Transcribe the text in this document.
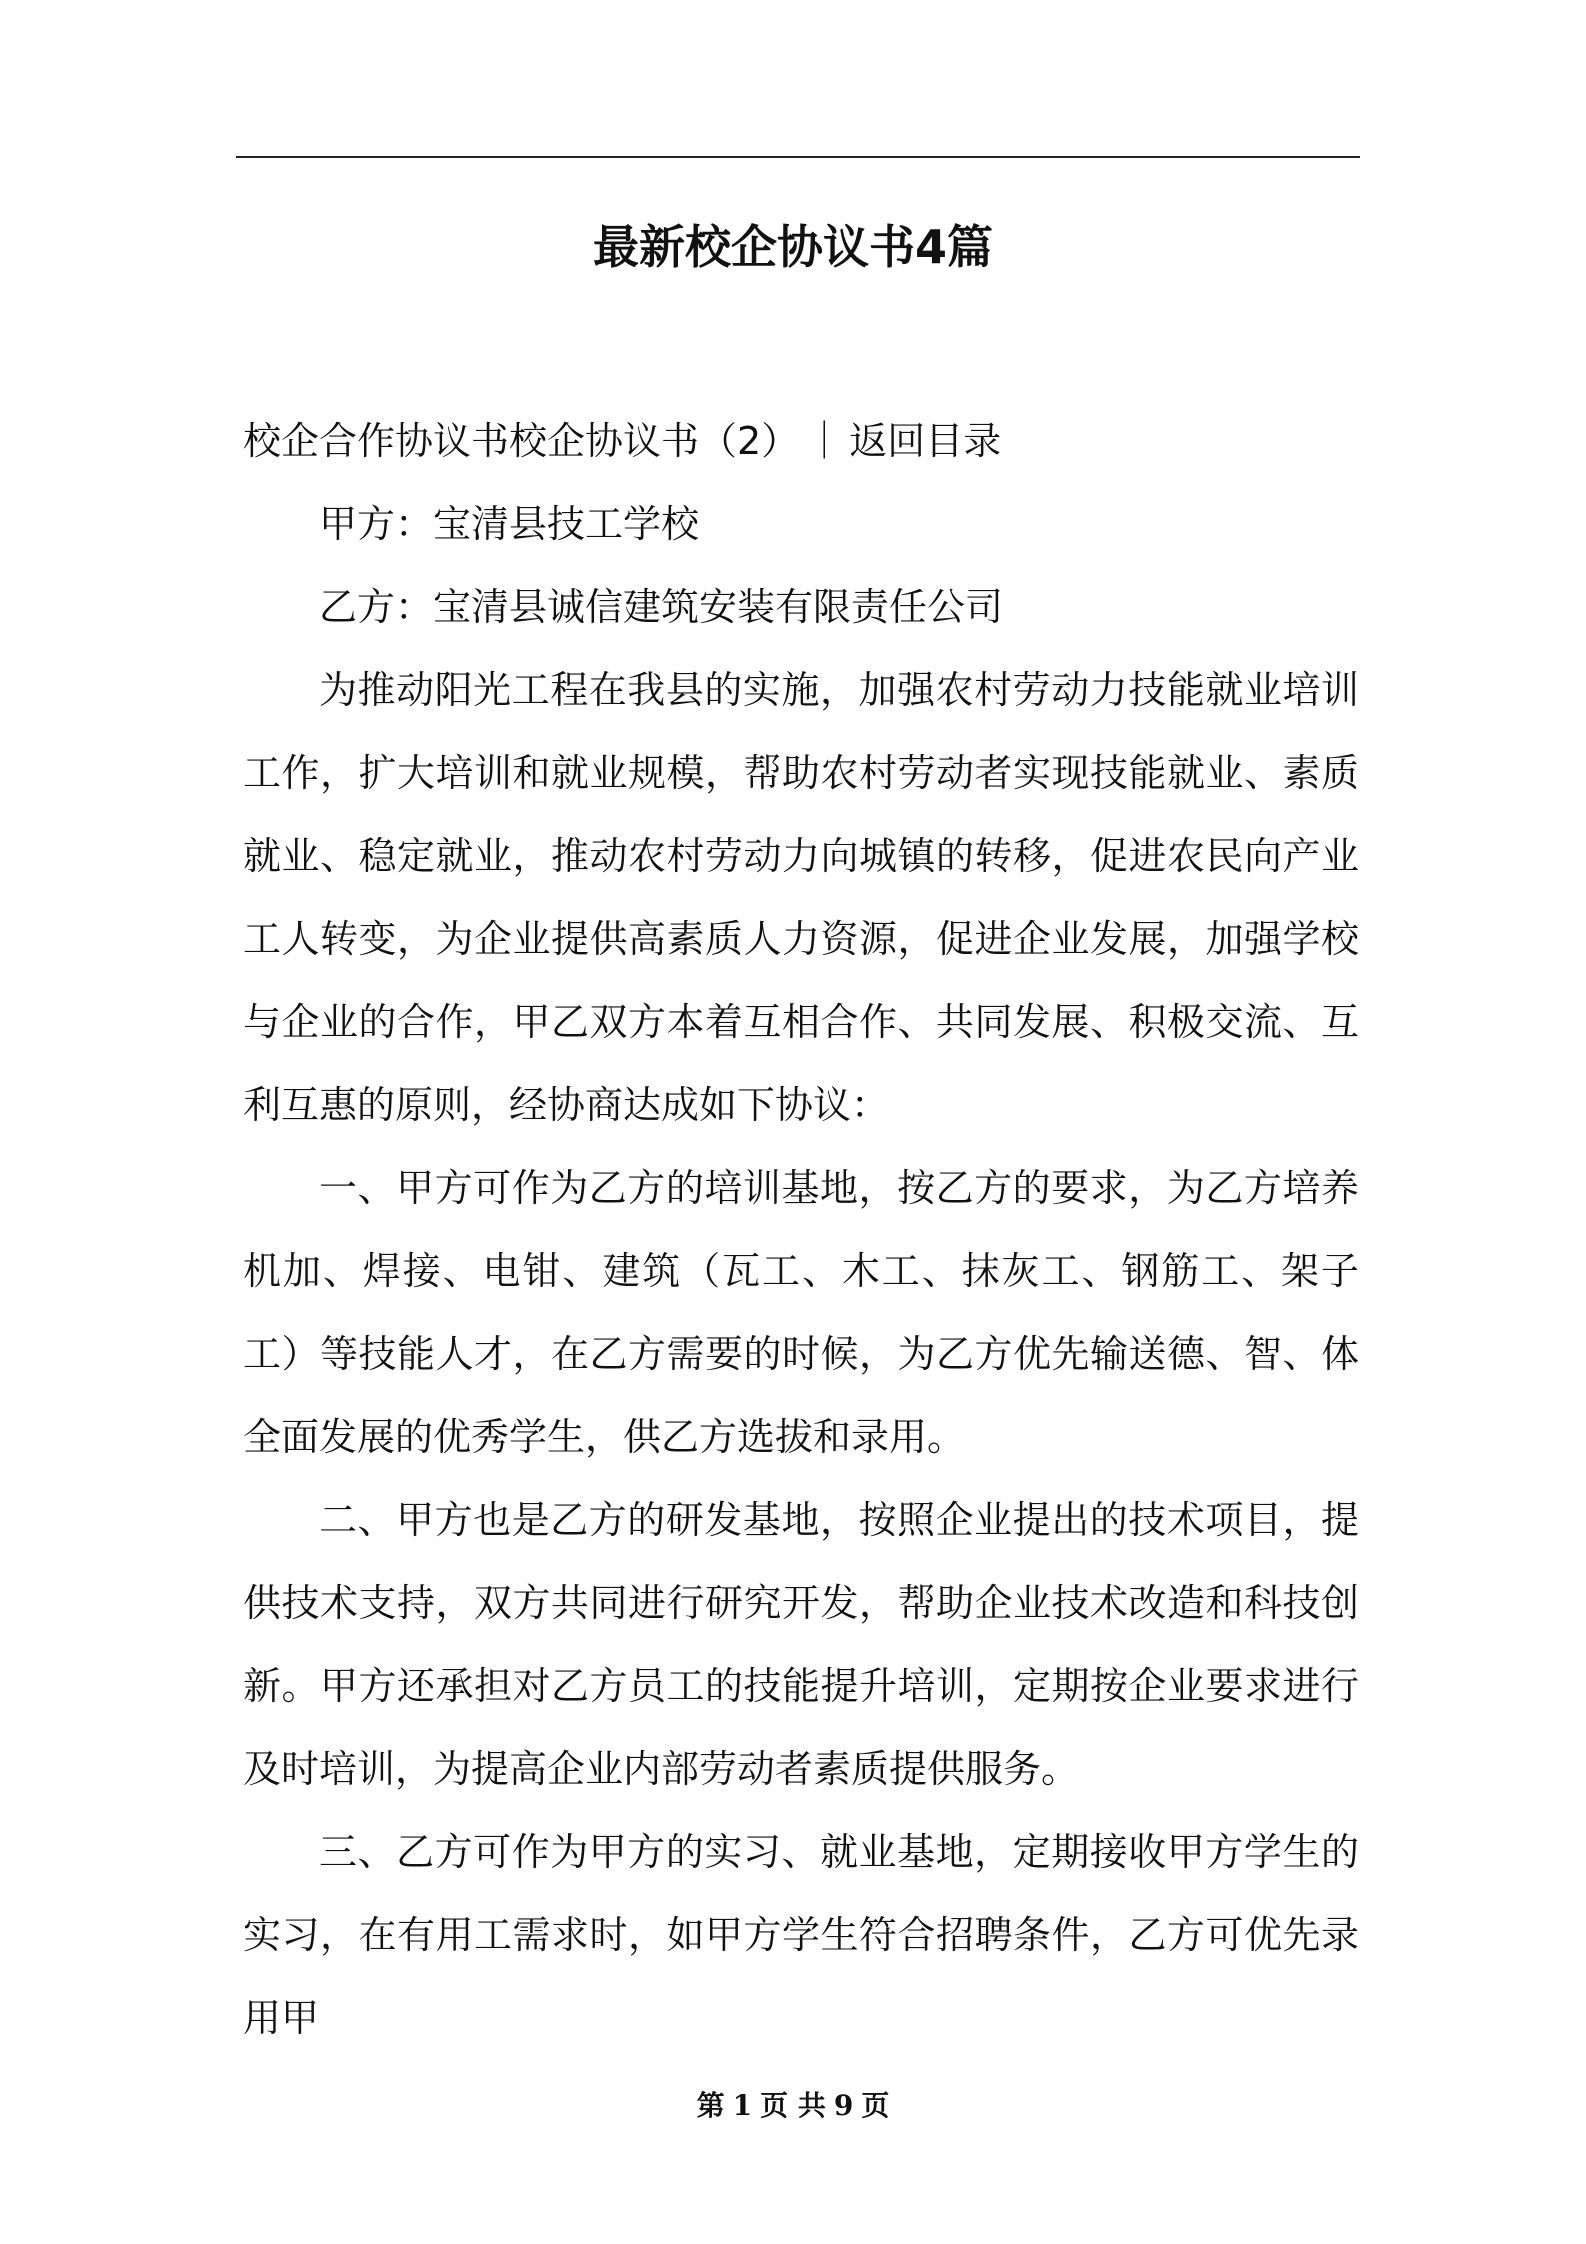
最新校企协议书4篇

校企合作协议书校企协议书（2） ｜ 返回目录

甲方：宝清县技工学校

乙方：宝清县诚信建筑安装有限责任公司

为推动阳光工程在我县的实施，加强农村劳动力技能就业培训工作，扩大培训和就业规模，帮助农村劳动者实现技能就业、素质就业、稳定就业，推动农村劳动力向城镇的转移，促进农民向产业工人转变，为企业提供高素质人力资源，促进企业发展，加强学校与企业的合作，甲乙双方本着互相合作、共同发展、积极交流、互利互惠的原则，经协商达成如下协议：

一、甲方可作为乙方的培训基地，按乙方的要求，为乙方培养机加、焊接、电钳、建筑（瓦工、木工、抹灰工、钢筋工、架子工）等技能人才，在乙方需要的时候，为乙方优先输送德、智、体全面发展的优秀学生，供乙方选拔和录用。

二、甲方也是乙方的研发基地，按照企业提出的技术项目，提供技术支持，双方共同进行研究开发，帮助企业技术改造和科技创新。甲方还承担对乙方员工的技能提升培训，定期按企业要求进行及时培训，为提高企业内部劳动者素质提供服务。

三、乙方可作为甲方的实习、就业基地，定期接收甲方学生的实习，在有用工需求时，如甲方学生符合招聘条件，乙方可优先录用甲

第 1 页 共 9 页
